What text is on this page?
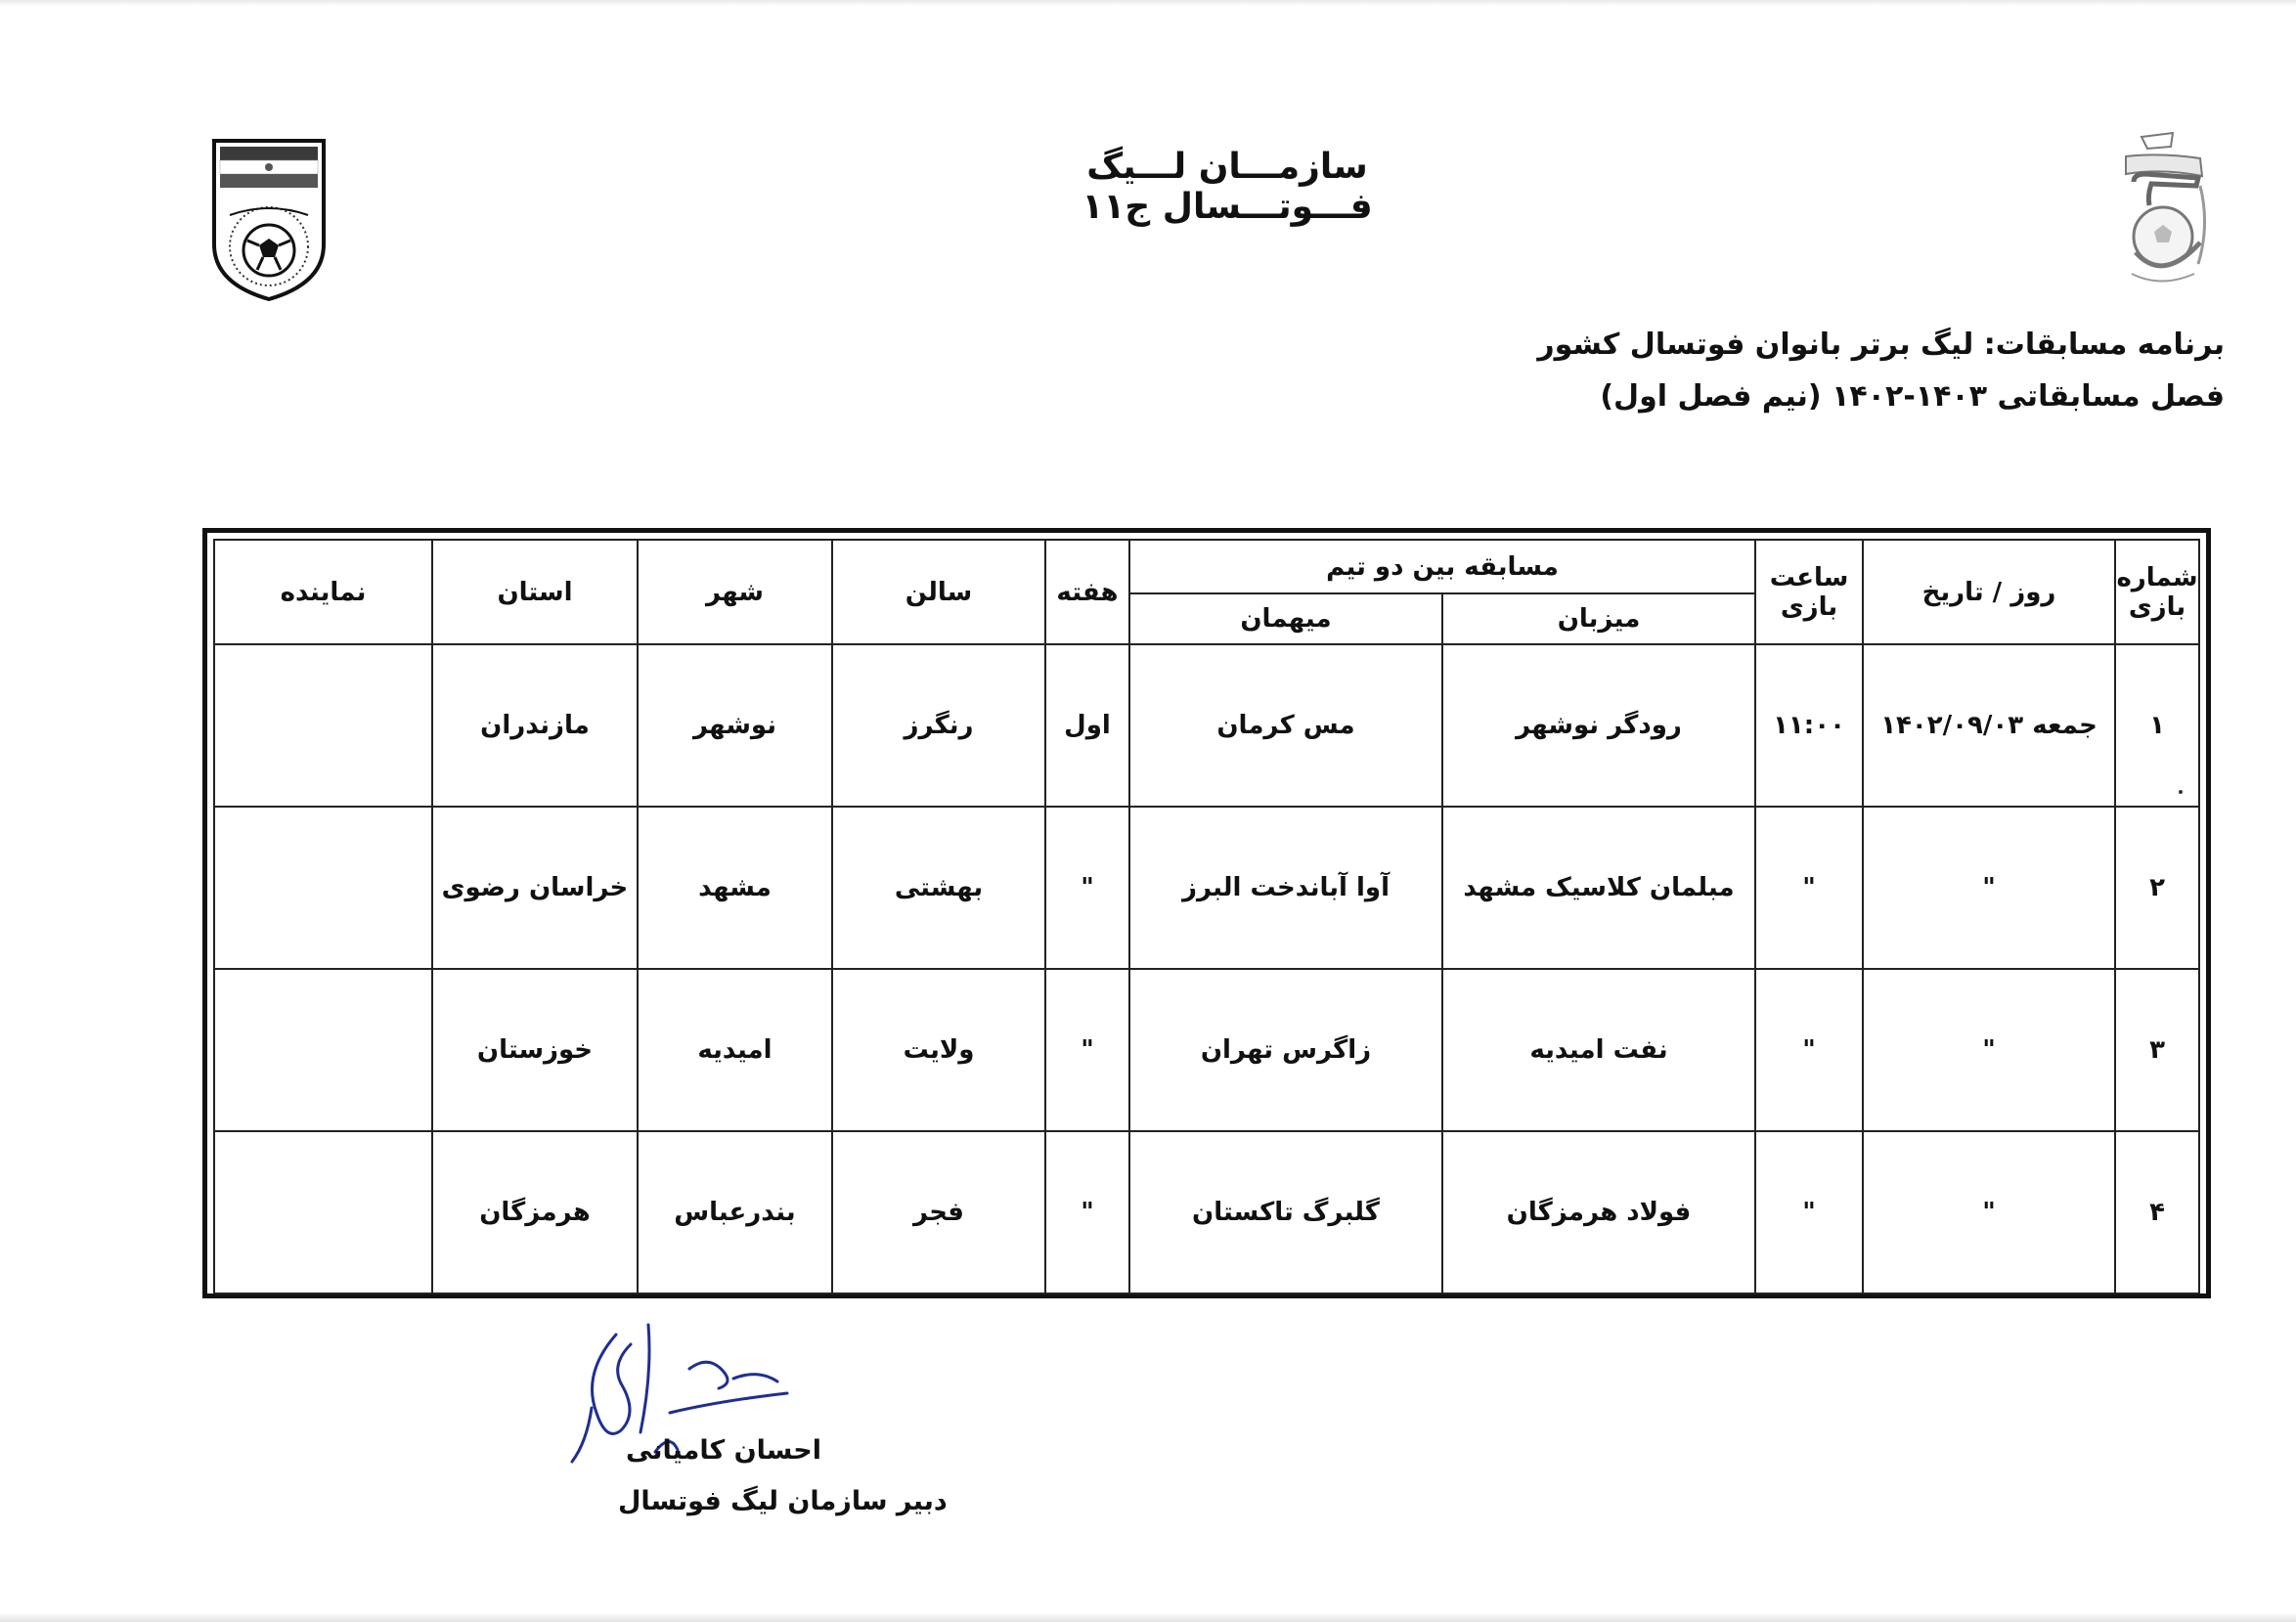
سازمـــان لـــیگ فـــوتـــسال ج۱۱
برنامه مسابقات: لیگ برتر بانوان فوتسال کشور
فصل مسابقاتی ۱۴۰۳-۱۴۰۲ (نیم فصل اول)
شماره بازی	روز / تاریخ	ساعت بازی	مسابقه بین دو تیم		هفته	سالن	شهر	استان	نماینده
			میزبان	میهمان					
۱	جمعه ۱۴۰۲/۰۹/۰۳	۱۱:۰۰	رودگر نوشهر	مس کرمان	اول	رنگرز	نوشهر	مازندران	
۲	"	"	مبلمان کلاسیک مشهد	آوا آباندخت البرز	"	بهشتی	مشهد	خراسان رضوی	
۳	"	"	نفت امیدیه	زاگرس تهران	"	ولایت	امیدیه	خوزستان	
۴	"	"	فولاد هرمزگان	گلبرگ تاکستان	"	فجر	بندرعباس	هرمزگان	
احسان کامیانی
دبیر سازمان لیگ فوتسال
